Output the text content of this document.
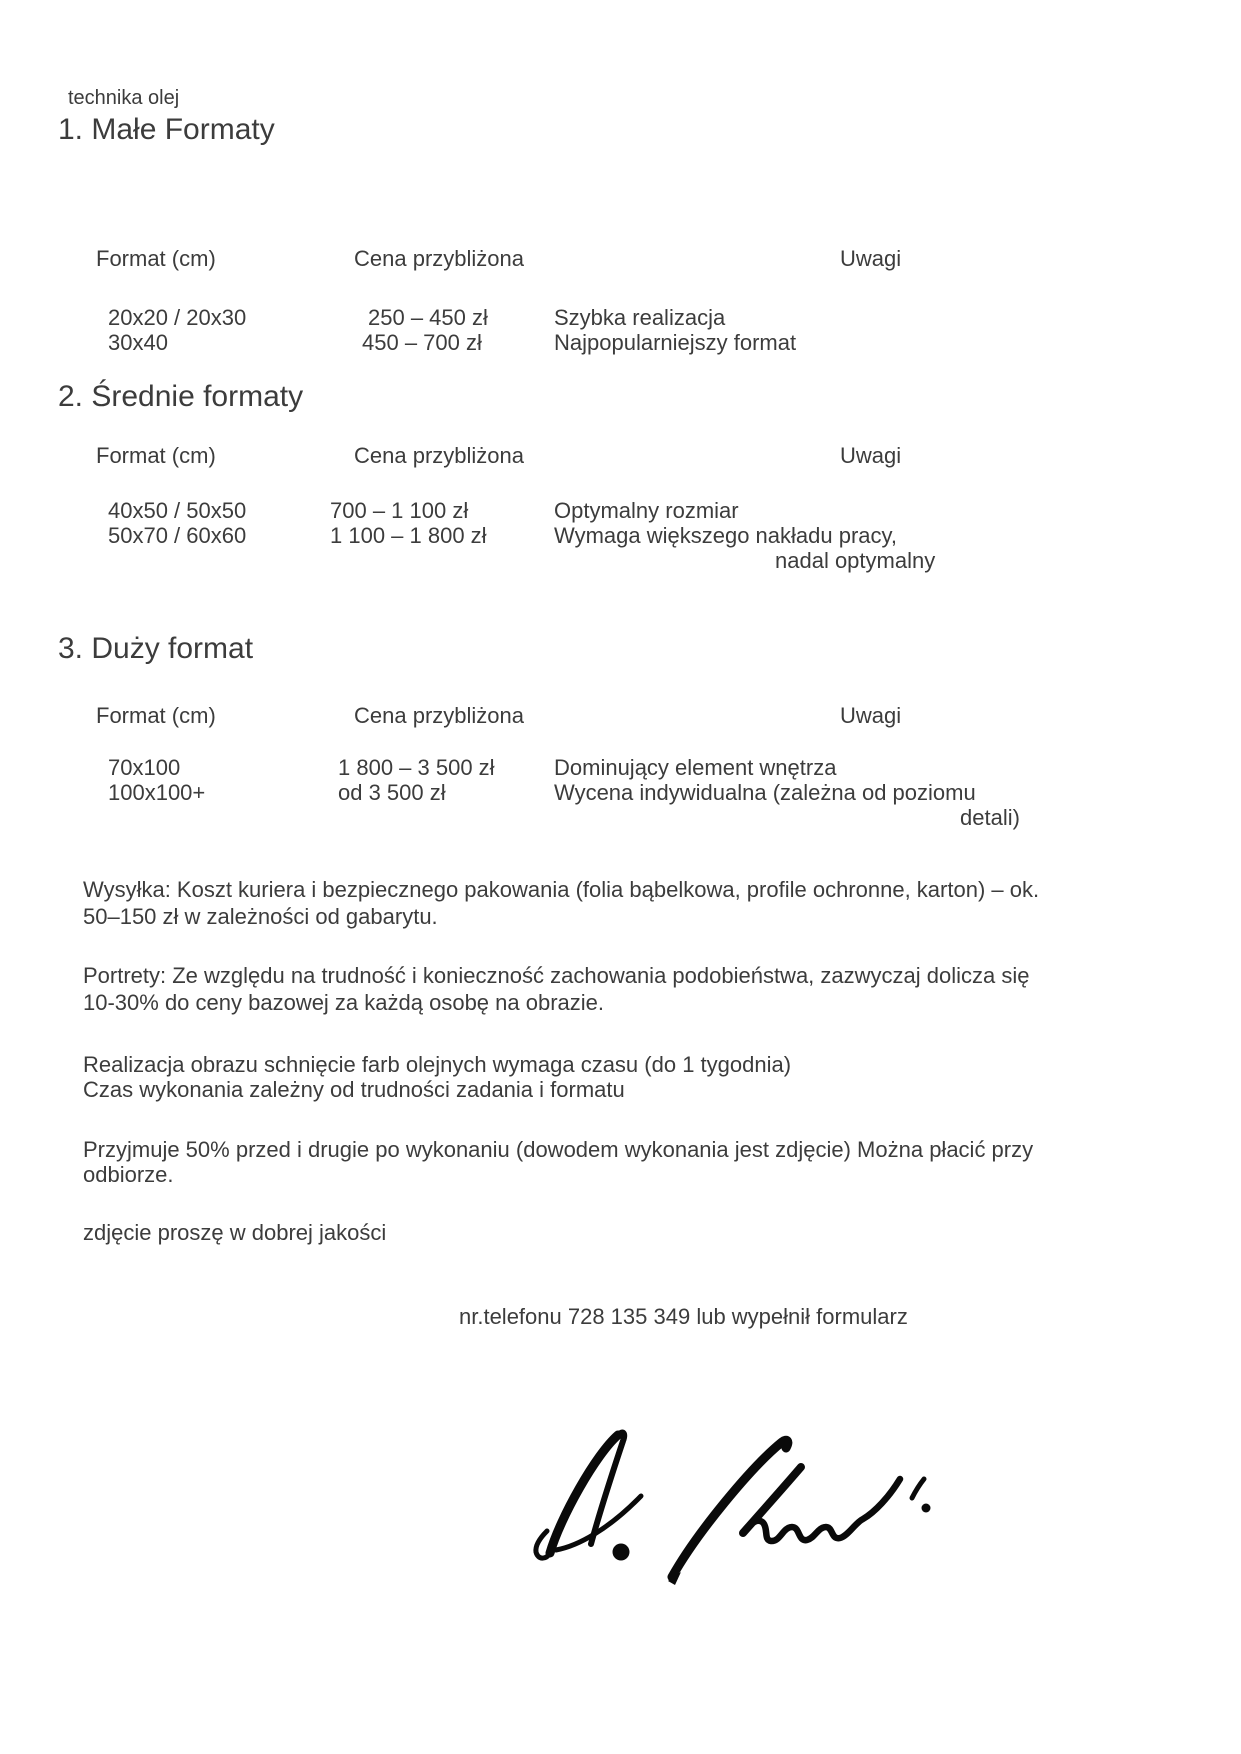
technika olej
1. Małe Formaty
Format (cm)	Cena przybliżona	Uwagi
20x20 / 20x30	250 – 450 zł	Szybka realizacja
30x40	450 – 700 zł	Najpopularniejszy format
2. Średnie formaty
Format (cm)	Cena przybliżona	Uwagi
40x50 / 50x50	700 – 1 100 zł	Optymalny rozmiar
50x70 / 60x60	1 100 – 1 800 zł	Wymaga większego nakładu pracy,
nadal optymalny
3. Duży format
Format (cm)	Cena przybliżona	Uwagi
70x100	1 800 – 3 500 zł	Dominujący element wnętrza
100x100+	od 3 500 zł	Wycena indywidualna (zależna od poziomu
detali)
Wysyłka: Koszt kuriera i bezpiecznego pakowania (folia bąbelkowa, profile ochronne, karton) – ok.
50–150 zł w zależności od gabarytu.
Portrety: Ze względu na trudność i konieczność zachowania podobieństwa, zazwyczaj dolicza się
10-30% do ceny bazowej za każdą osobę na obrazie.
Realizacja obrazu schnięcie farb olejnych wymaga czasu (do 1 tygodnia)
Czas wykonania zależny od trudności zadania i formatu
Przyjmuje 50% przed i drugie po wykonaniu (dowodem wykonania jest zdjęcie) Można płacić przy
odbiorze.
zdjęcie proszę w dobrej jakości
nr.telefonu 728 135 349 lub wypełnił formularz
